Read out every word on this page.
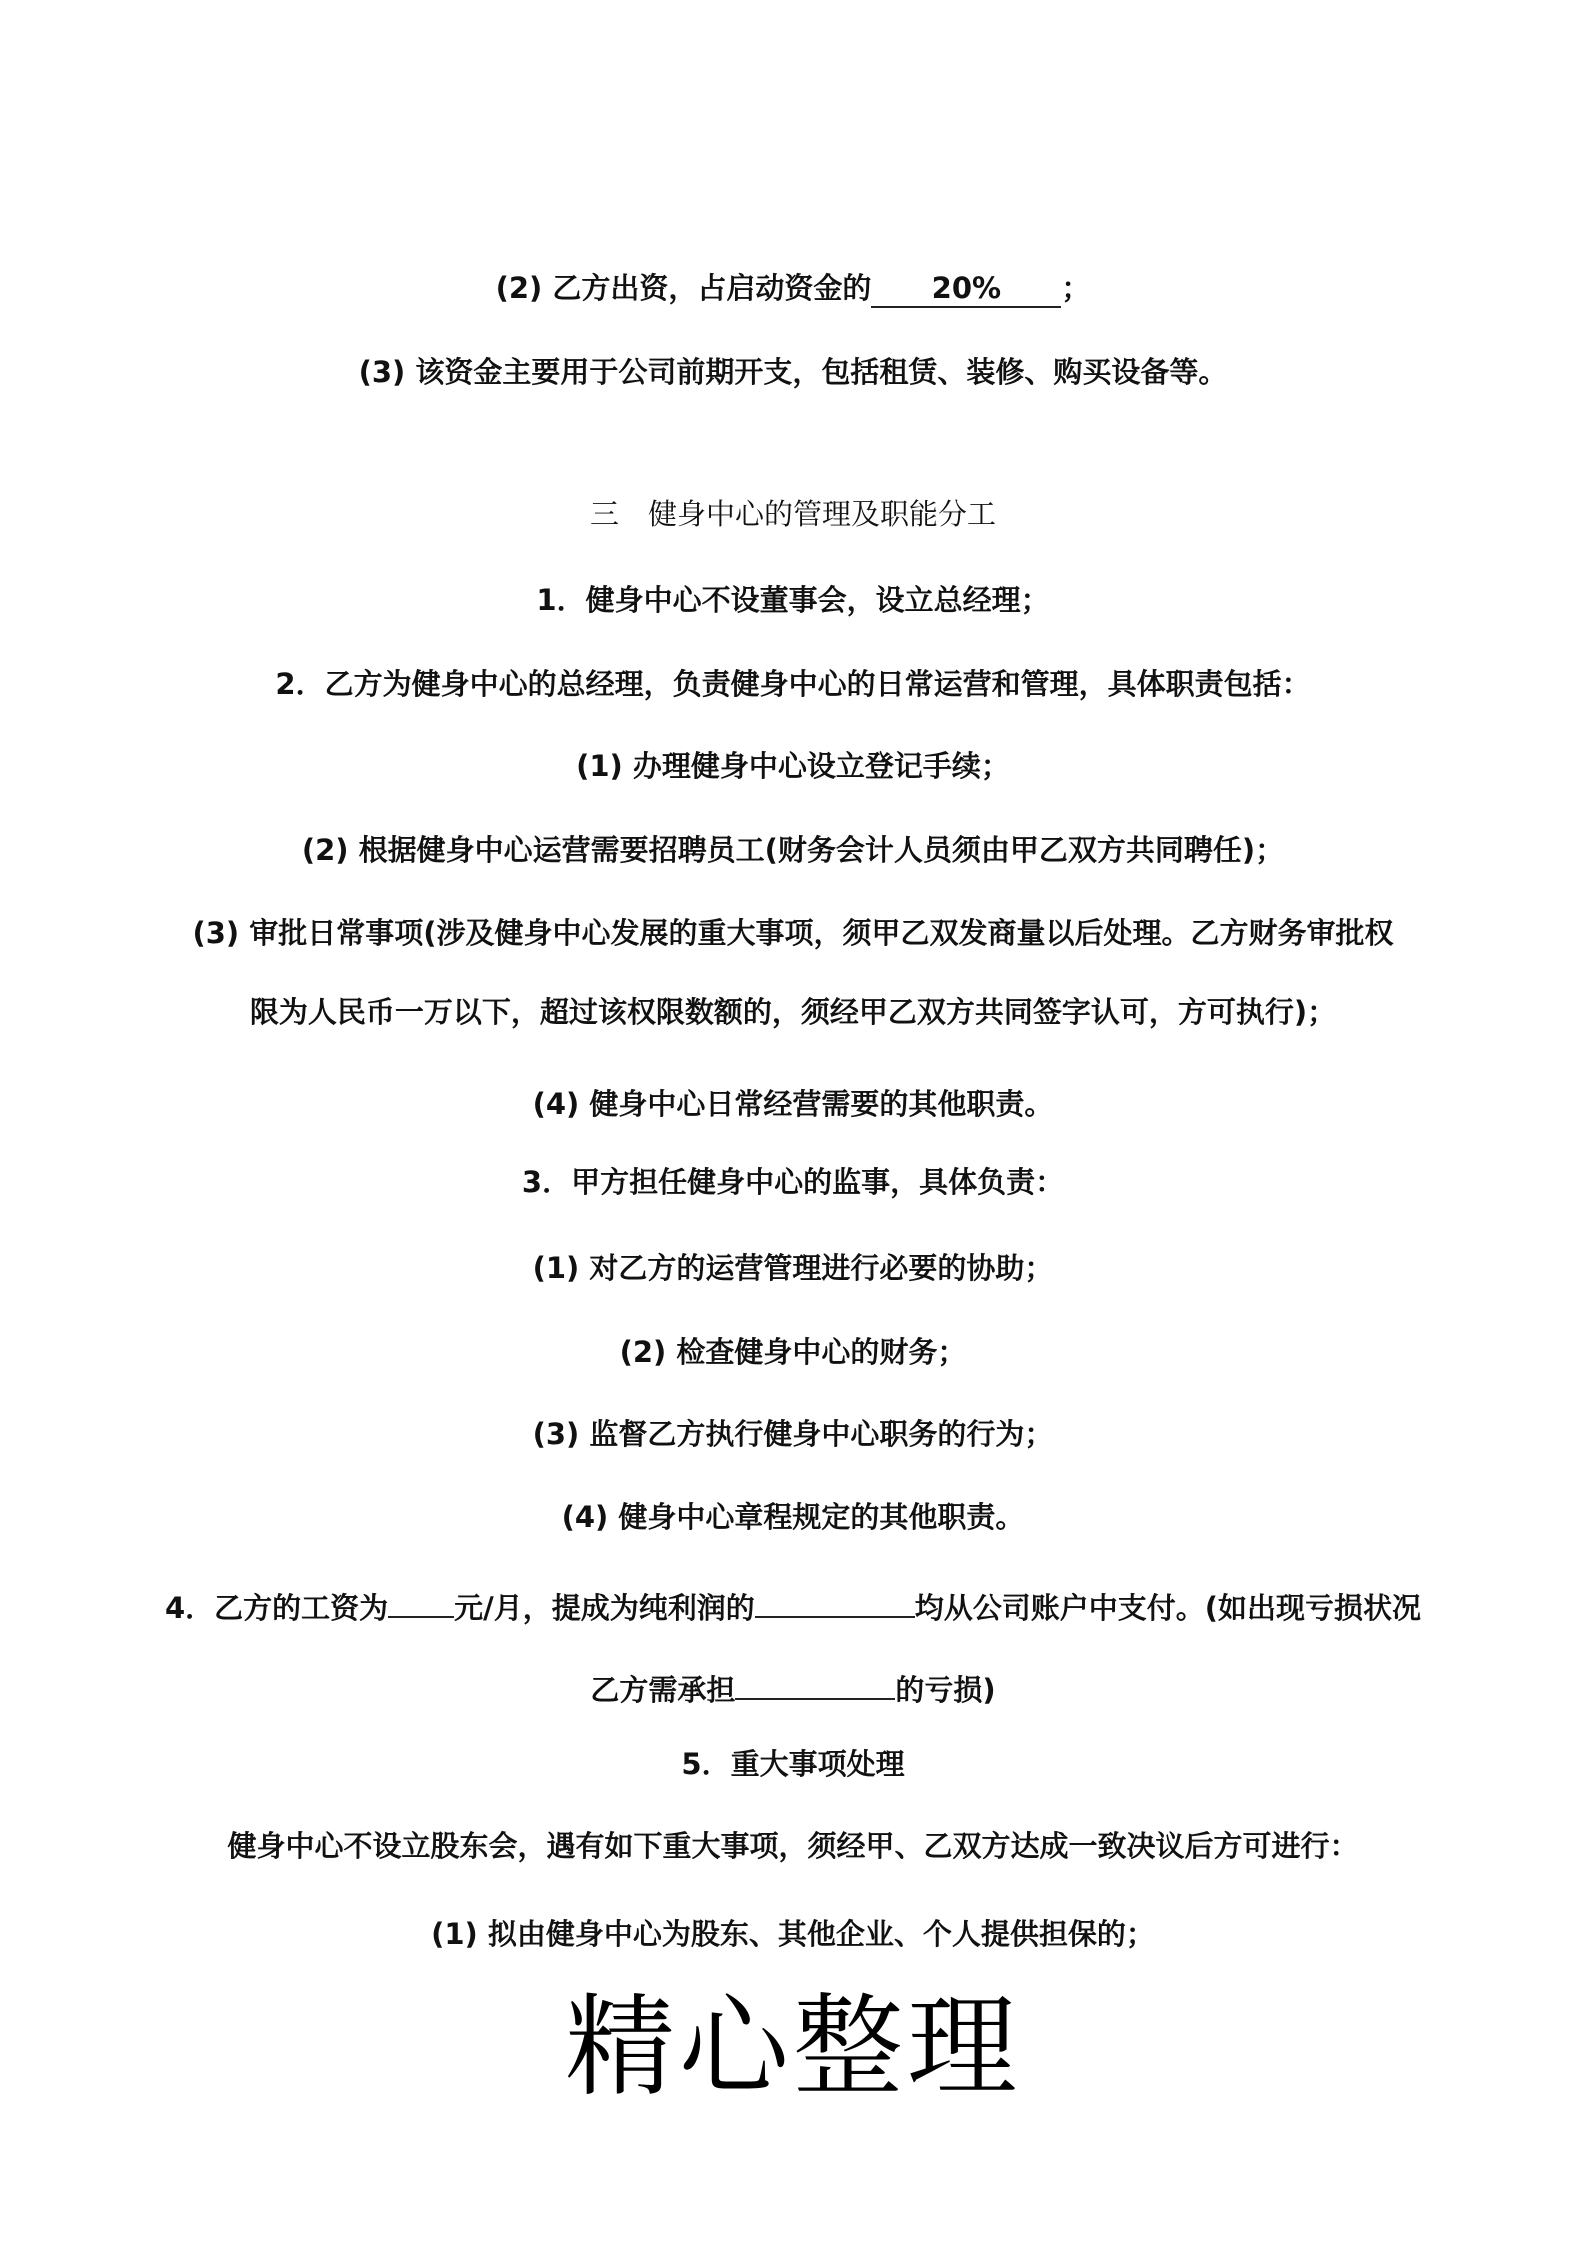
(2) 乙方出资，占启动资金的 20% ；
(3) 该资金主要用于公司前期开支，包括租赁、装修、购买设备等。
三　健身中心的管理及职能分工
1．健身中心不设董事会，设立总经理；
2．乙方为健身中心的总经理，负责健身中心的日常运营和管理，具体职责包括：
(1) 办理健身中心设立登记手续；
(2) 根据健身中心运营需要招聘员工(财务会计人员须由甲乙双方共同聘任)；
(3) 审批日常事项(涉及健身中心发展的重大事项，须甲乙双发商量以后处理。乙方财务审批权
限为人民币一万以下，超过该权限数额的，须经甲乙双方共同签字认可，方可执行)；
(4) 健身中心日常经营需要的其他职责。
3．甲方担任健身中心的监事，具体负责：
(1) 对乙方的运营管理进行必要的协助；
(2) 检查健身中心的财务；
(3) 监督乙方执行健身中心职务的行为；
(4) 健身中心章程规定的其他职责。
4．乙方的工资为 元/月，提成为纯利润的	均从公司账户中支付。(如出现亏损状况
乙方需承担	的亏损)
5．重大事项处理
健身中心不设立股东会，遇有如下重大事项，须经甲、乙双方达成一致决议后方可进行：
(1) 拟由健身中心为股东、其他企业、个人提供担保的；
精心整理
